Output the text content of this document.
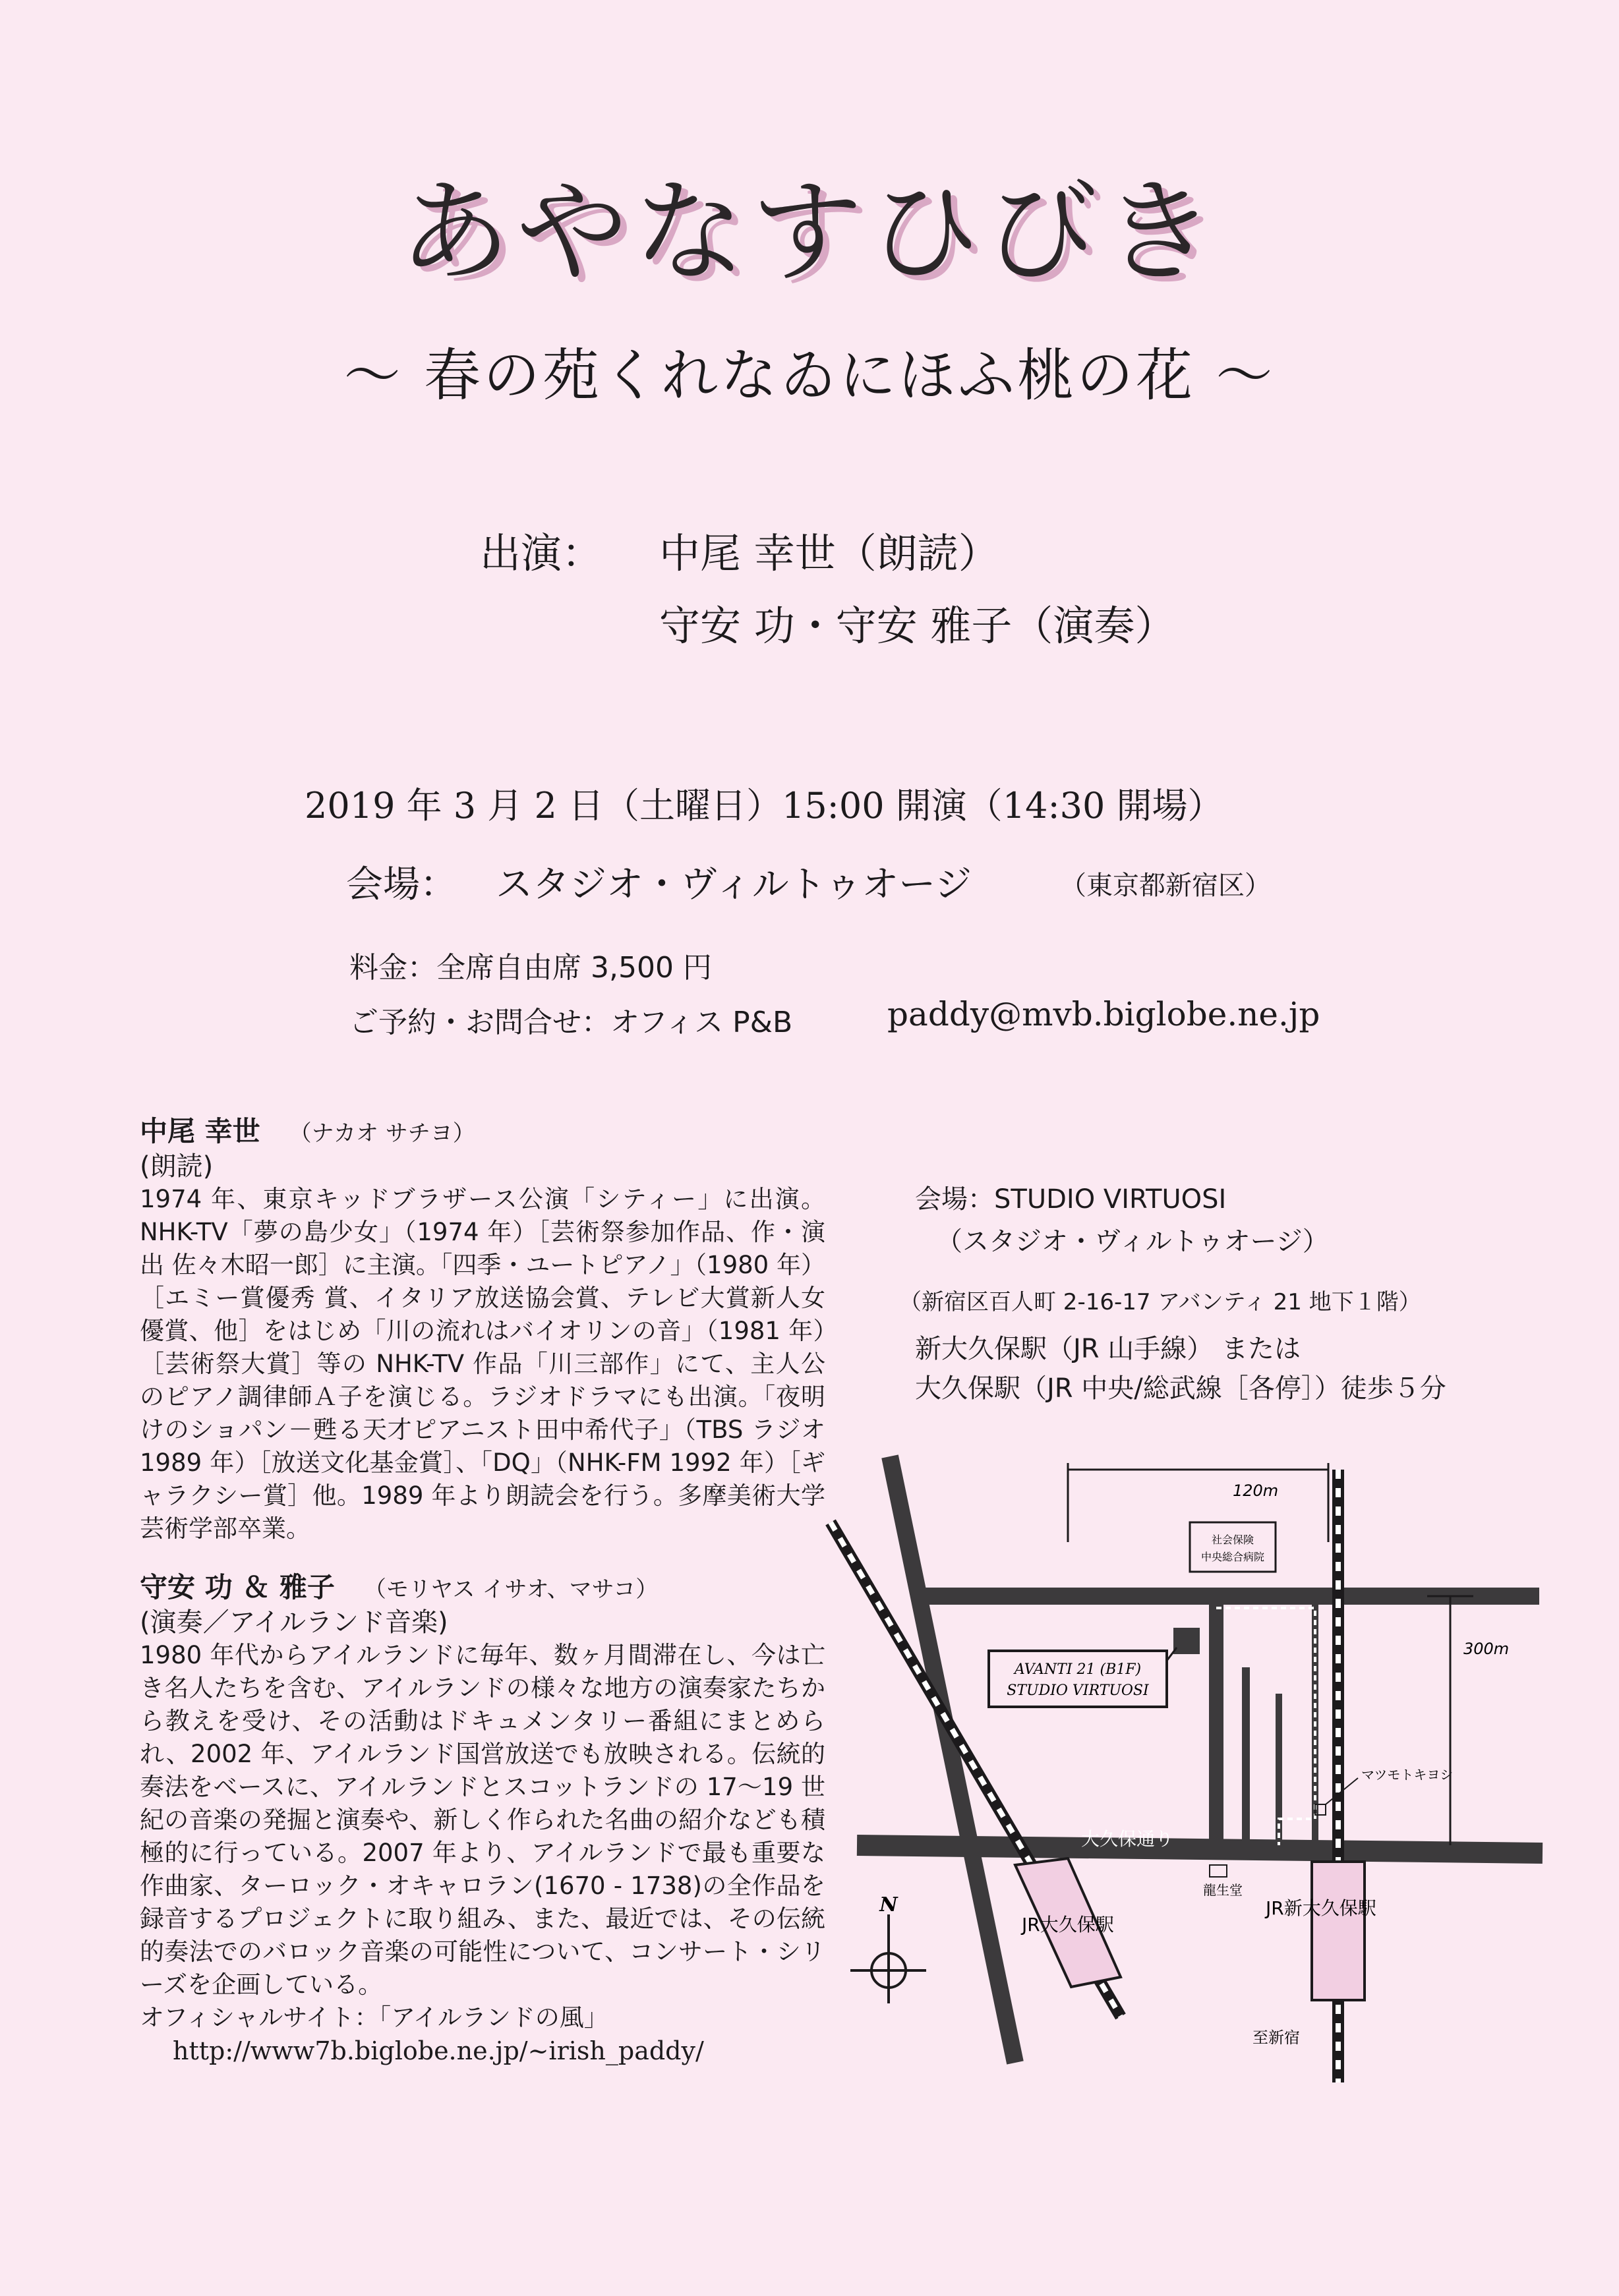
あやなすひびき
～ 春の苑くれなゐにほふ桃の花 ～
出演： 中尾 幸世（朗読）
守安 功・守安 雅子（演奏）
2019 年 3 月 2 日（土曜日）15:00 開演（14:30 開場）
会場： スタジオ・ヴィルトゥオージ	（東京都新宿区）
料金：全席自由席 3,500 円
ご予約・お問合せ：オフィス P&B	paddy@mvb.biglobe.ne.jp
中尾 幸世 （ナカオ サチヨ）
(朗読)
1974 年、東京キッドブラザース公演「シティー」に出演。NHK-TV「夢の島少女」（1974 年）［芸術祭参加作品、作・演出 佐々木昭一郎］に主演。「四季・ユートピアノ」（1980 年）［エミー賞優秀 賞、イタリア放送協会賞、テレビ大賞新人女優賞、他］をはじめ「川の流れはバイオリンの音」（1981 年）［芸術祭大賞］等の NHK-TV 作品「川三部作」にて、主人公のピアノ調律師Ａ子を演じる。ラジオドラマにも出演。「夜明けのショパン－甦る天才ピアニスト田中希代子」（TBS ラジオ 1989 年）［放送文化基金賞］、「DQ」（NHK-FM 1992 年）［ギャラクシー賞］他。1989 年より朗読会を行う。多摩美術大学芸術学部卒業。
守安 功 ＆ 雅子 （モリヤス イサオ、マサコ）
(演奏／アイルランド音楽)
1980 年代からアイルランドに毎年、数ヶ月間滞在し、今は亡き名人たちを含む、アイルランドの様々な地方の演奏家たちから教えを受け、その活動はドキュメンタリー番組にまとめられ、2002 年、アイルランド国営放送でも放映される。伝統的奏法をベースに、アイルランドとスコットランドの 17～19 世紀の音楽の発掘と演奏や、新しく作られた名曲の紹介なども積極的に行っている。2007 年より、アイルランドで最も重要な作曲家、ターロック・オキャロラン(1670 - 1738)の全作品を録音するプロジェクトに取り組み、また、最近では、その伝統的奏法でのバロック音楽の可能性について、コンサート・シリーズを企画している。
オフィシャルサイト：「アイルランドの風」
http://www7b.biglobe.ne.jp/~irish_paddy/
会場：STUDIO VIRTUOSI
（スタジオ・ヴィルトゥオージ）
（新宿区百人町 2-16-17 アバンティ 21 地下１階）
新大久保駅（JR 山手線） または
大久保駅（JR 中央/総武線［各停］）徒歩５分
社会保険
中央総合病院
AVANTI 21 (B1F)
STUDIO VIRTUOSI
マツモトキヨシ
龍生堂
大久保通り
120m
300m
JR大久保駅
JR新大久保駅
至新宿
N
